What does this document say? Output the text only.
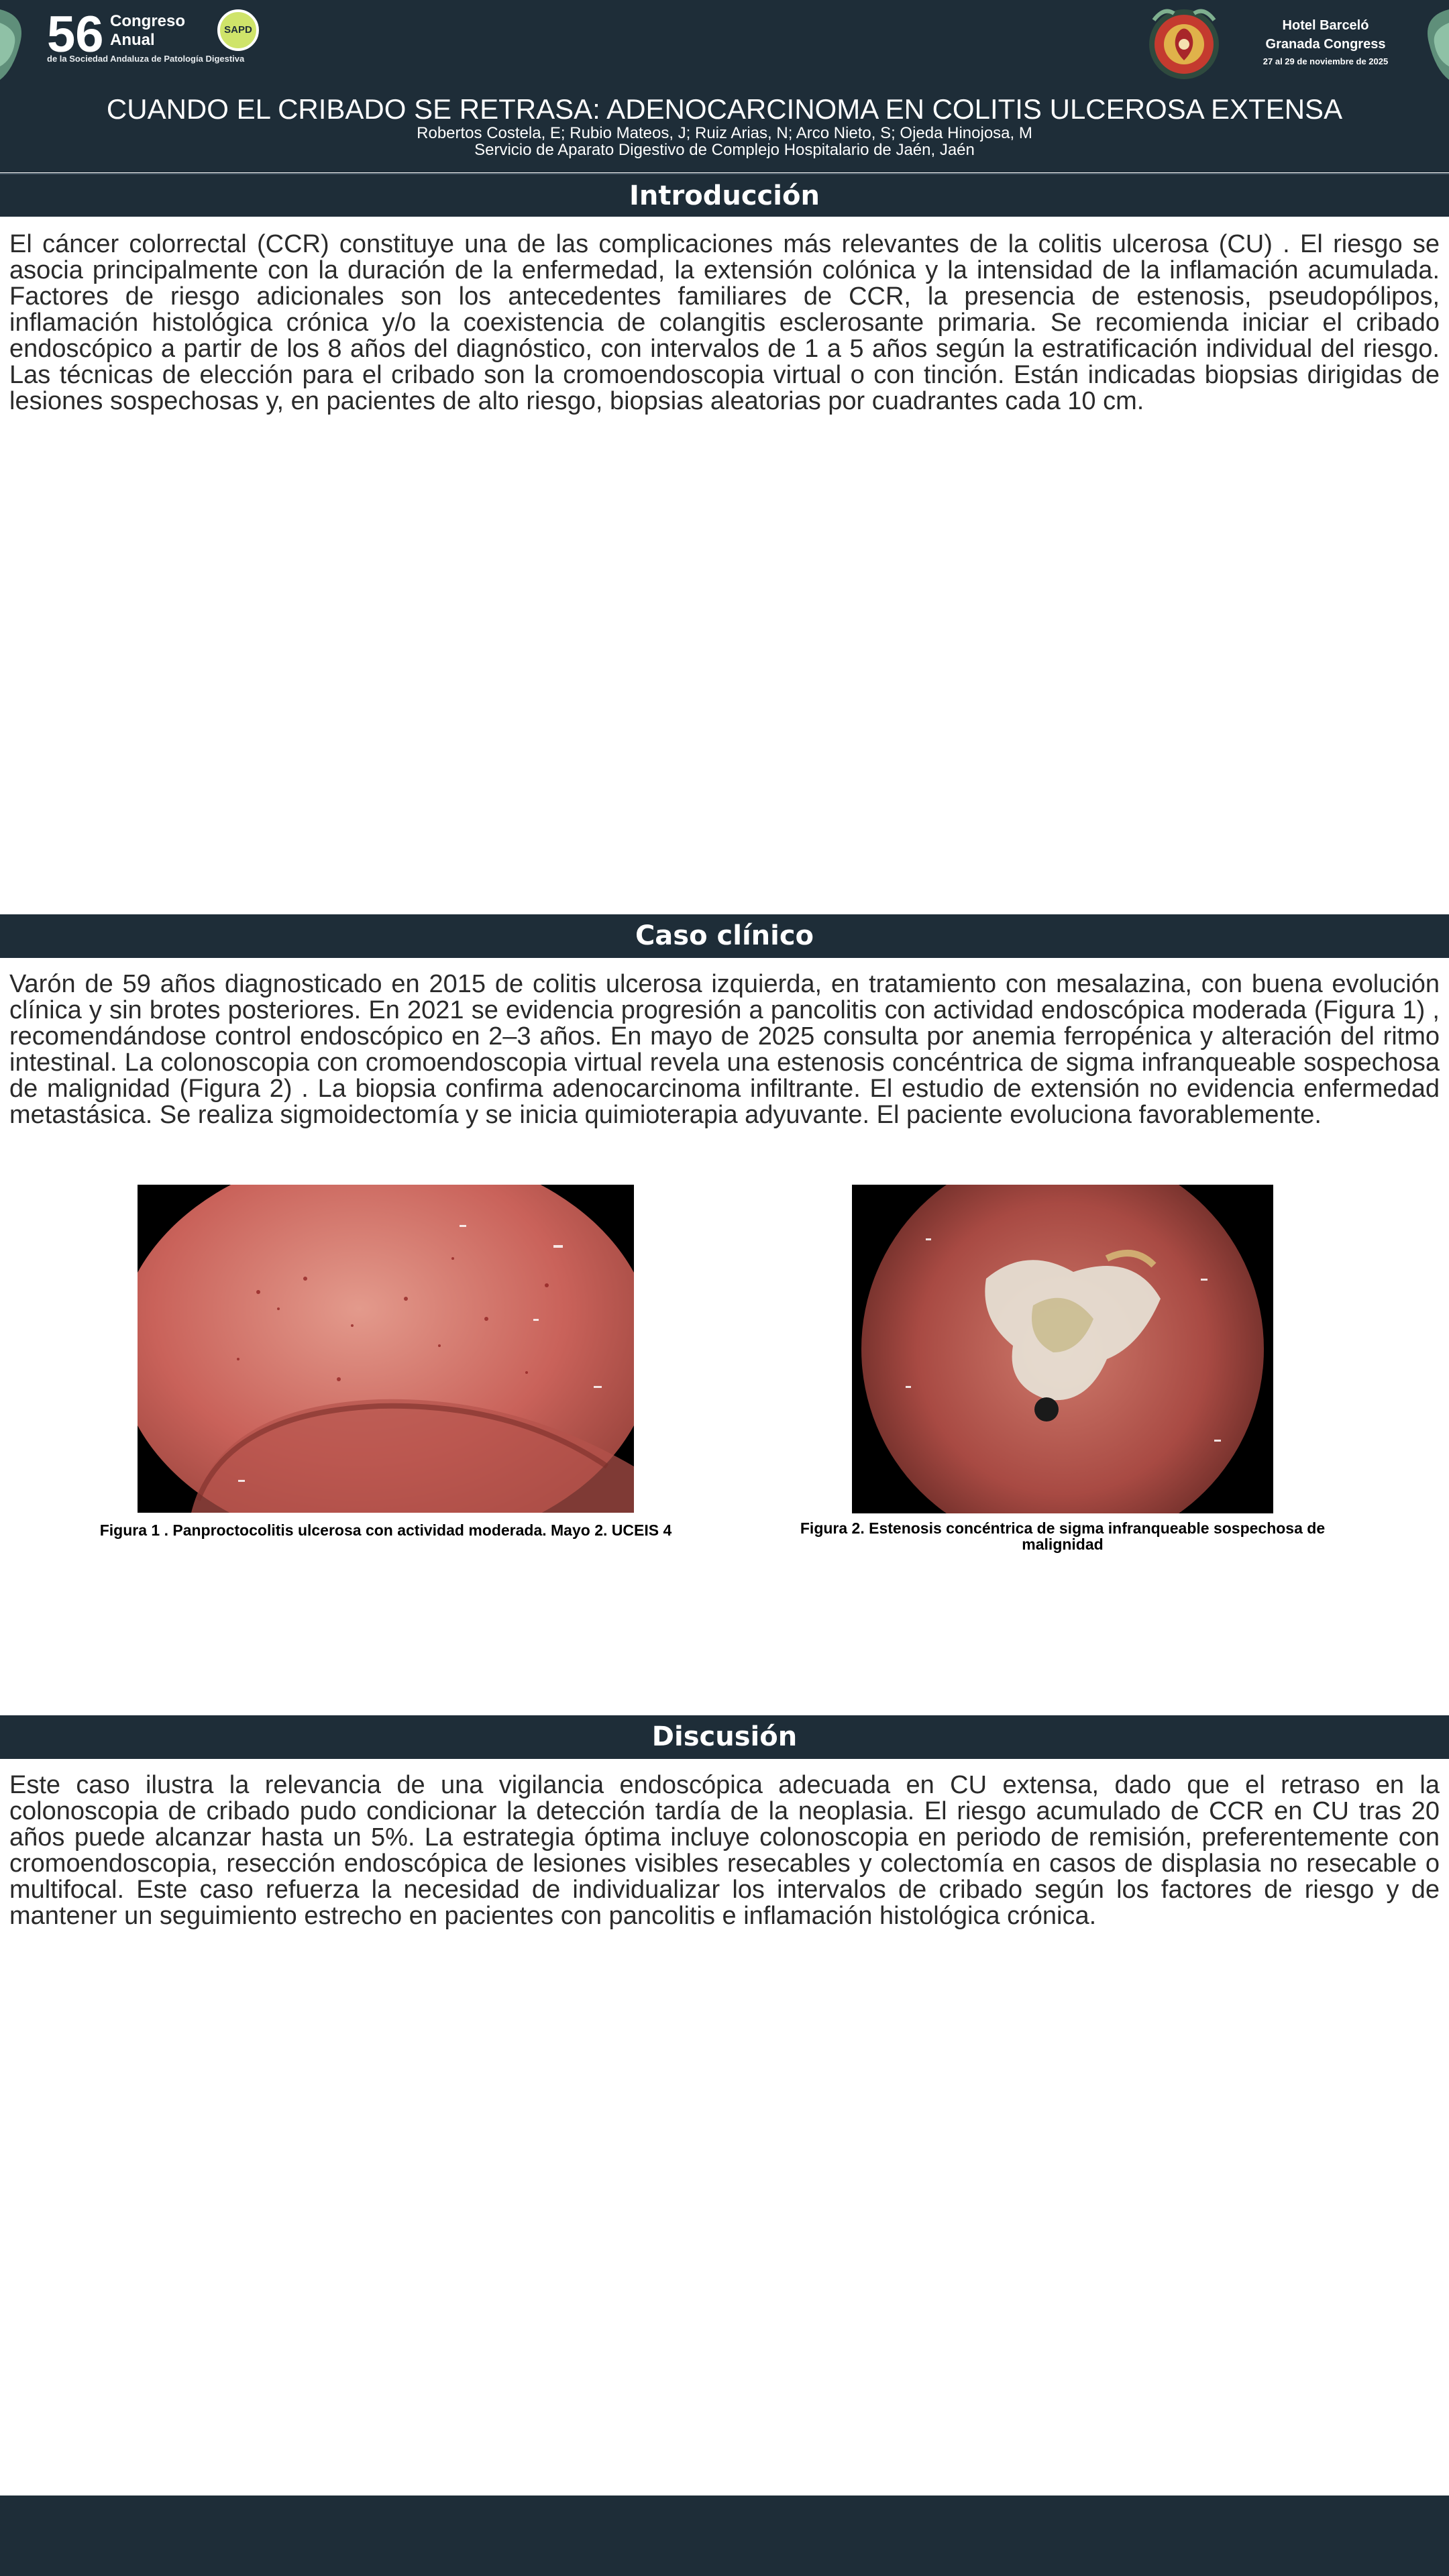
56 Congreso
Anual
de la Sociedad Andaluza de Patología Digestiva
SAPD	Hotel Barceló
Granada Congress
27 al 29 de noviembre de 2025
CUANDO EL CRIBADO SE RETRASA: ADENOCARCINOMA EN COLITIS ULCEROSA EXTENSA
Robertos Costela, E; Rubio Mateos, J; Ruiz Arias, N; Arco Nieto, S; Ojeda Hinojosa, M
Servicio de Aparato Digestivo de Complejo Hospitalario de Jaén, Jaén
Introducción
El cáncer colorrectal (CCR) constituye una de las complicaciones más relevantes de la colitis ulcerosa (CU) . El riesgo se asocia principalmente con la duración de la enfermedad, la extensión colónica y la intensidad de la inflamación acumulada. Factores de riesgo adicionales son los antecedentes familiares de CCR, la presencia de estenosis, pseudopólipos, inflamación histológica crónica y/o la coexistencia de colangitis esclerosante primaria. Se recomienda iniciar el cribado endoscópico a partir de los 8 años del diagnóstico, con intervalos de 1 a 5 años según la estratificación individual del riesgo. Las técnicas de elección para el cribado son la cromoendoscopia virtual o con tinción. Están indicadas biopsias dirigidas de lesiones sospechosas y, en pacientes de alto riesgo, biopsias aleatorias por cuadrantes cada 10 cm.
Caso clínico
Varón de 59 años diagnosticado en 2015 de colitis ulcerosa izquierda, en tratamiento con mesalazina, con buena evolución clínica y sin brotes posteriores. En 2021 se evidencia progresión a pancolitis con actividad endoscópica moderada (Figura 1) , recomendándose control endoscópico en 2–3 años. En mayo de 2025 consulta por anemia ferropénica y alteración del ritmo intestinal. La colonoscopia con cromoendoscopia virtual revela una estenosis concéntrica de sigma infranqueable sospechosa de malignidad (Figura 2) . La biopsia confirma adenocarcinoma infiltrante. El estudio de extensión no evidencia enfermedad metastásica. Se realiza sigmoidectomía y se inicia quimioterapia adyuvante. El paciente evoluciona favorablemente.
Figura 1 . Panproctocolitis ulcerosa con actividad moderada. Mayo 2. UCEIS 4	Figura 2. Estenosis concéntrica de sigma infranqueable sospechosa de malignidad
Discusión
Este caso ilustra la relevancia de una vigilancia endoscópica adecuada en CU extensa, dado que el retraso en la colonoscopia de cribado pudo condicionar la detección tardía de la neoplasia. El riesgo acumulado de CCR en CU tras 20 años puede alcanzar hasta un 5%. La estrategia óptima incluye colonoscopia en periodo de remisión, preferentemente con cromoendoscopia, resección endoscópica de lesiones visibles resecables y colectomía en casos de displasia no resecable o multifocal. Este caso refuerza la necesidad de individualizar los intervalos de cribado según los factores de riesgo y de mantener un seguimiento estrecho en pacientes con pancolitis e inflamación histológica crónica.
